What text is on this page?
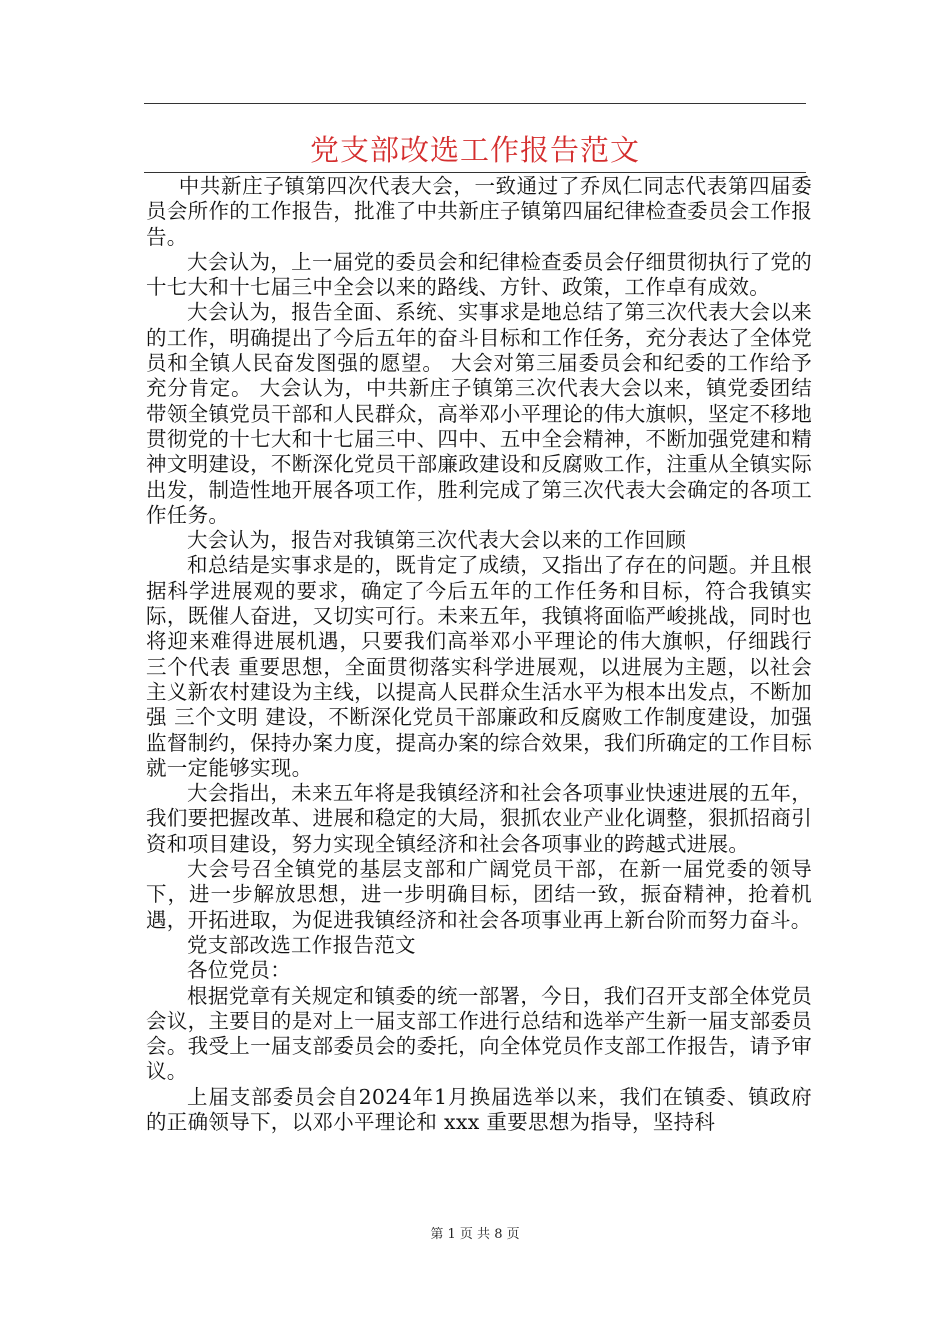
党支部改选工作报告范文

中共新庄子镇第四次代表大会，一致通过了乔凤仁同志代表第四届委员会所作的工作报告，批准了中共新庄子镇第四届纪律检查委员会工作报告。

大会认为，上一届党的委员会和纪律检查委员会仔细贯彻执行了党的十七大和十七届三中全会以来的路线、方针、政策，工作卓有成效。

大会认为，报告全面、系统、实事求是地总结了第三次代表大会以来的工作，明确提出了今后五年的奋斗目标和工作任务，充分表达了全体党员和全镇人民奋发图强的愿望。 大会对第三届委员会和纪委的工作给予充分肯定。 大会认为，中共新庄子镇第三次代表大会以来，镇党委团结带领全镇党员干部和人民群众，高举邓小平理论的伟大旗帜，坚定不移地贯彻党的十七大和十七届三中、四中、五中全会精神，不断加强党建和精神文明建设，不断深化党员干部廉政建设和反腐败工作，注重从全镇实际出发，制造性地开展各项工作，胜利完成了第三次代表大会确定的各项工作任务。

大会认为，报告对我镇第三次代表大会以来的工作回顾

和总结是实事求是的，既肯定了成绩，又指出了存在的问题。并且根据科学进展观的要求，确定了今后五年的工作任务和目标，符合我镇实际，既催人奋进，又切实可行。未来五年，我镇将面临严峻挑战，同时也将迎来难得进展机遇，只要我们高举邓小平理论的伟大旗帜，仔细践行 三个代表 重要思想，全面贯彻落实科学进展观，以进展为主题，以社会主义新农村建设为主线，以提高人民群众生活水平为根本出发点，不断加强 三个文明 建设，不断深化党员干部廉政和反腐败工作制度建设，加强监督制约，保持办案力度，提高办案的综合效果，我们所确定的工作目标就一定能够实现。

大会指出，未来五年将是我镇经济和社会各项事业快速进展的五年，我们要把握改革、进展和稳定的大局，狠抓农业产业化调整，狠抓招商引资和项目建设，努力实现全镇经济和社会各项事业的跨越式进展。

大会号召全镇党的基层支部和广阔党员干部，在新一届党委的领导下，进一步解放思想，进一步明确目标，团结一致，振奋精神，抢着机遇，开拓进取，为促进我镇经济和社会各项事业再上新台阶而努力奋斗。

党支部改选工作报告范文

各位党员：

根据党章有关规定和镇委的统一部署，今日，我们召开支部全体党员会议，主要目的是对上一届支部工作进行总结和选举产生新一届支部委员会。我受上一届支部委员会的委托，向全体党员作支部工作报告，请予审议。

上届支部委员会自2024年1月换届选举以来，我们在镇委、镇政府的正确领导下，以邓小平理论和 xxx 重要思想为指导，坚持科

第 1 页 共 8 页
